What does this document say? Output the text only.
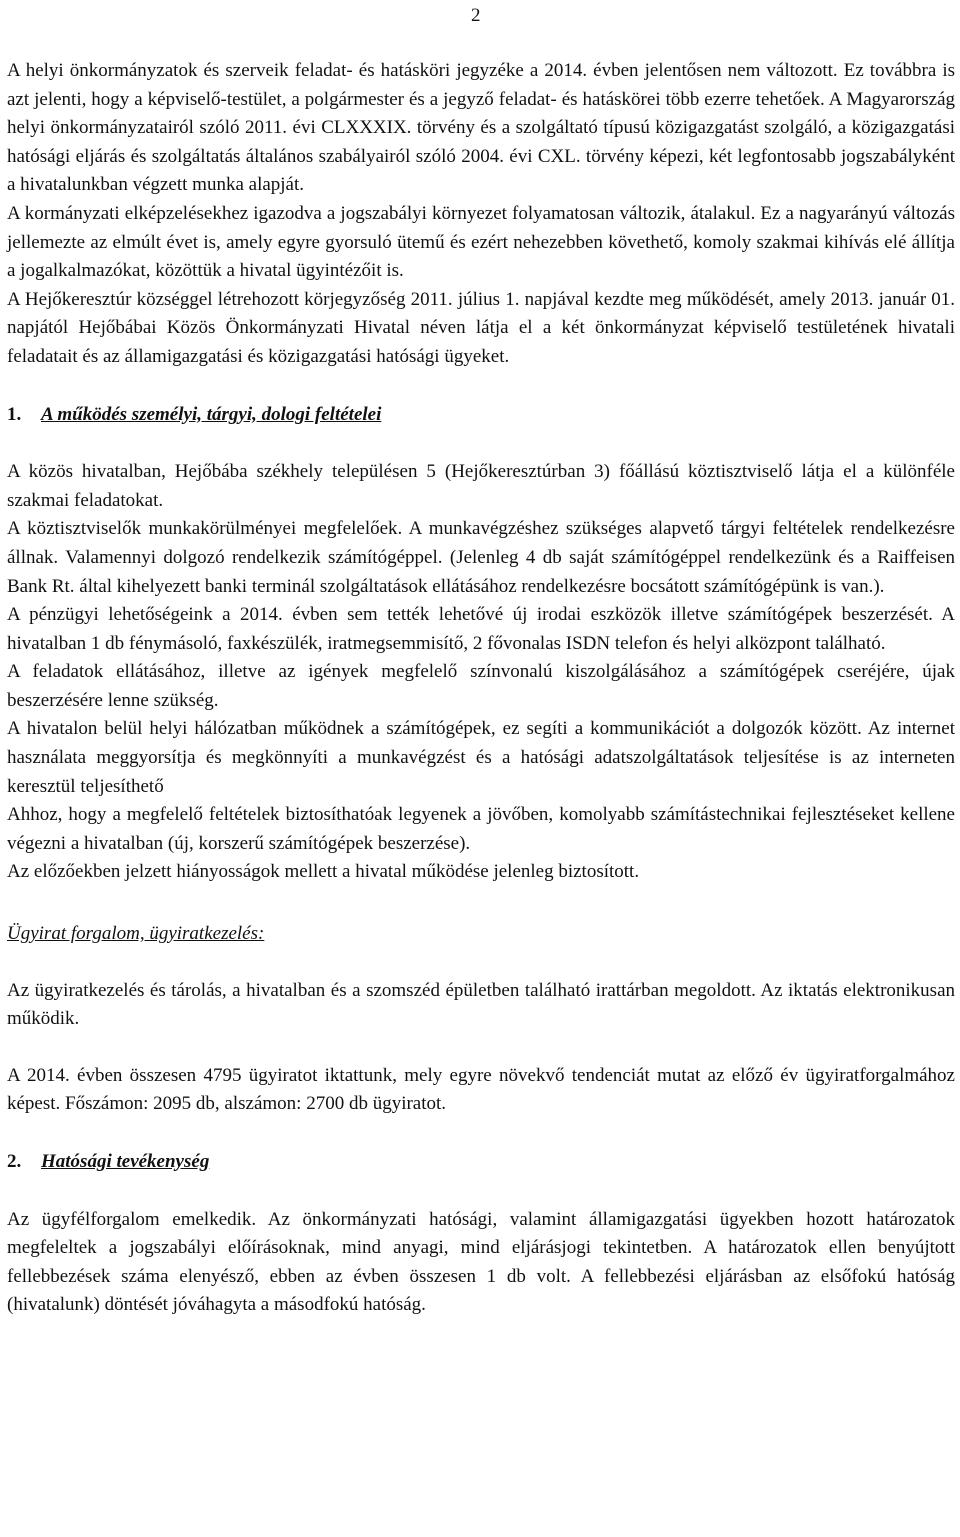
2

A helyi önkormányzatok és szerveik feladat- és hatásköri jegyzéke a 2014. évben jelentősen nem változott. Ez továbbra is azt jelenti, hogy a képviselő-testület, a polgármester és a jegyző feladat- és hatáskörei több ezerre tehetőek. A Magyarország helyi önkormányzatairól szóló 2011. évi CLXXXIX. törvény és a szolgáltató típusú közigazgatást szolgáló, a közigazgatási hatósági eljárás és szolgáltatás általános szabályairól szóló 2004. évi CXL. törvény képezi, két legfontosabb jogszabályként a hivatalunkban végzett munka alapját.

A kormányzati elképzelésekhez igazodva a jogszabályi környezet folyamatosan változik, átalakul. Ez a nagyarányú változás jellemezte az elmúlt évet is, amely egyre gyorsuló ütemű és ezért nehezebben követhető, komoly szakmai kihívás elé állítja a jogalkalmazókat, közöttük a hivatal ügyintézőit is.

A Hejőkeresztúr községgel létrehozott körjegyzőség 2011. július 1. napjával kezdte meg működését, amely 2013. január 01. napjától Hejőbábai Közös Önkormányzati Hivatal néven látja el a két önkormányzat képviselő testületének hivatali feladatait és az államigazgatási és közigazgatási hatósági ügyeket.

1. A működés személyi, tárgyi, dologi feltételei

A közös hivatalban, Hejőbába székhely településen 5 (Hejőkeresztúrban 3) főállású köztisztviselő látja el a különféle szakmai feladatokat.

A köztisztviselők munkakörülményei megfelelőek. A munkavégzéshez szükséges alapvető tárgyi feltételek rendelkezésre állnak. Valamennyi dolgozó rendelkezik számítógéppel. (Jelenleg 4 db saját számítógéppel rendelkezünk és a Raiffeisen Bank Rt. által kihelyezett banki terminál szolgáltatások ellátásához rendelkezésre bocsátott számítógépünk is van.).

A pénzügyi lehetőségeink a 2014. évben sem tették lehetővé új irodai eszközök illetve számítógépek beszerzését. A hivatalban 1 db fénymásoló, faxkészülék, iratmegsemmisítő, 2 fővonalas ISDN telefon és helyi alközpont található.

A feladatok ellátásához, illetve az igények megfelelő színvonalú kiszolgálásához a számítógépek cseréjére, újak beszerzésére lenne szükség.

A hivatalon belül helyi hálózatban működnek a számítógépek, ez segíti a kommunikációt a dolgozók között. Az internet használata meggyorsítja és megkönnyíti a munkavégzést és a hatósági adatszolgáltatások teljesítése is az interneten keresztül teljesíthető

Ahhoz, hogy a megfelelő feltételek biztosíthatóak legyenek a jövőben, komolyabb számítástechnikai fejlesztéseket kellene végezni a hivatalban (új, korszerű számítógépek beszerzése).

Az előzőekben jelzett hiányosságok mellett a hivatal működése jelenleg biztosított.

Ügyirat forgalom, ügyiratkezelés:

Az ügyiratkezelés és tárolás, a hivatalban és a szomszéd épületben található irattárban megoldott. Az iktatás elektronikusan működik.

A 2014. évben összesen 4795 ügyiratot iktattunk, mely egyre növekvő tendenciát mutat az előző év ügyiratforgalmához képest. Főszámon: 2095 db, alszámon: 2700 db ügyiratot.

2. Hatósági tevékenység

Az ügyfélforgalom emelkedik. Az önkormányzati hatósági, valamint államigazgatási ügyekben hozott határozatok megfeleltek a jogszabályi előírásoknak, mind anyagi, mind eljárásjogi tekintetben. A határozatok ellen benyújtott fellebbezések száma elenyésző, ebben az évben összesen 1 db volt. A fellebbezési eljárásban az elsőfokú hatóság (hivatalunk) döntését jóváhagyta a másodfokú hatóság.
